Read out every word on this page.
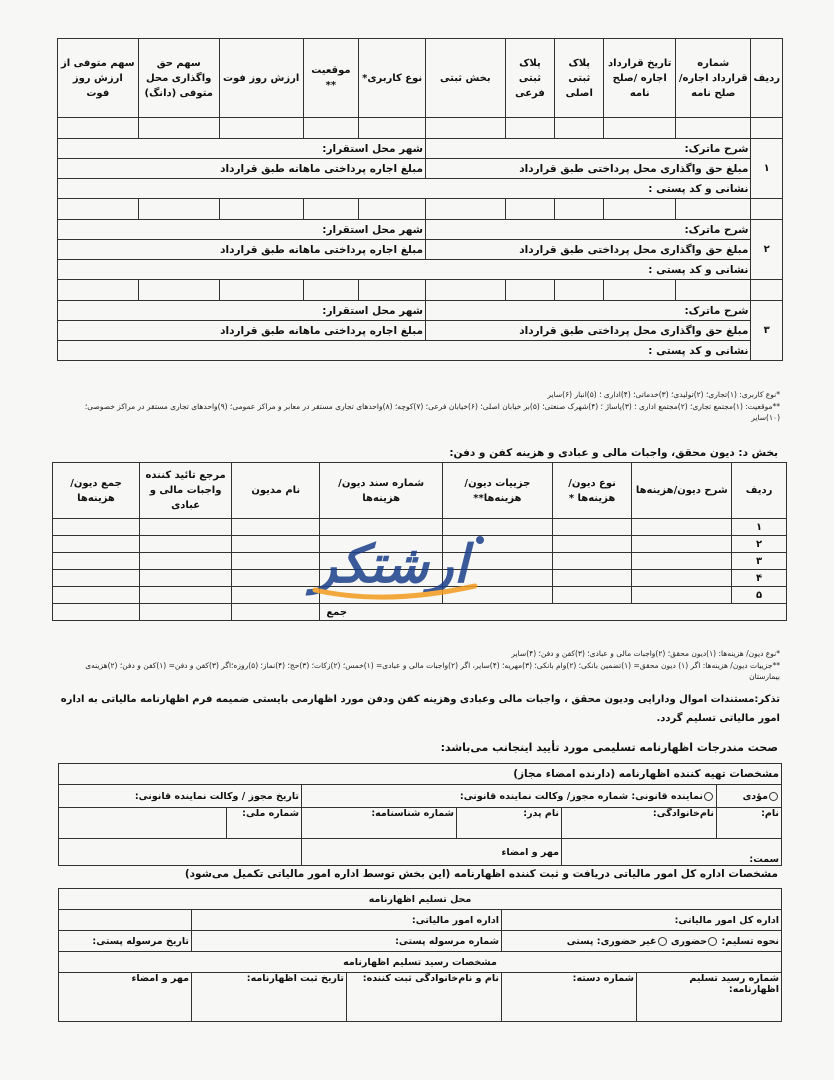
ردیف	شماره قرارداد اجاره/صلح نامه	تاریخ قرارداد اجاره /صلح نامه	پلاک ثبتی اصلی	پلاک ثبتی فرعی	بخش ثبتی	نوع کاربری*	موقعیت **	ارزش روز فوت	سهم حق واگذاری محل متوفی (دانگ)	سهم متوفی از ارزش روز فوت

۱	شرح ماترک:					شهر محل استقرار:				
	مبلغ حق واگذاری محل پرداختی طبق قرارداد					مبلغ اجاره پرداختی ماهانه طبق قرارداد				
	نشانی و کد پستی :									

۲	شرح ماترک:					شهر محل استقرار:				
	مبلغ حق واگذاری محل پرداختی طبق قرارداد					مبلغ اجاره پرداختی ماهانه طبق قرارداد				
	نشانی و کد پستی :									

۳	شرح ماترک:					شهر محل استقرار:				
	مبلغ حق واگذاری محل پرداختی طبق قرارداد					مبلغ اجاره پرداختی ماهانه طبق قرارداد				
	نشانی و کد پستی :									
*نوع کاربری: (۱)تجاری؛ (۲)تولیدی؛ (۳)خدماتی؛ (۴)اداری ؛ (۵)انبار (۶)سایر
**موقعیت: (۱)مجتمع تجاری؛ (۲)مجتمع اداری ؛ (۳)پاساژ ؛ (۴)شهرک صنعتی؛ (۵)بر خیابان اصلی؛ (۶)خیابان فرعی؛ (۷)کوچه؛ (۸)واحدهای تجاری مستقر در معابر و مراکز عمومی؛ (۹)واحدهای تجاری مستقر در مراکز خصوصی؛
(۱۰)سایر
بخش د: دیون محقق، واجبات مالی و عبادی و هزینه کفن و دفن:
ردیف	شرح دیون/هزینه‌ها	نوع دیون/ هزینه‌ها *	جزییات دیون/ هزینه‌ها**	شماره سند دیون/ هزینه‌ها	نام مدیون	مرجع تائید کننده واجبات مالی و عبادی	جمع دیون/ هزینه‌ها
۱							
۲							
۳							
۴							
۵							
جمع							
ارشتکر
*نوع دیون/ هزینه‌ها: (۱)دیون محقق؛ (۲)واجبات مالی و عبادی؛ (۳)کفن و دفن؛ (۴)سایر
**جزییات دیون/ هزینه‌ها: اگر (۱) دیون محقق= (۱)تضمین بانکی؛ (۲)وام بانکی؛ (۳)مهریه؛ (۴)سایر، اگر (۲)واجبات مالی و عبادی= (۱)خمس؛ (۲)زکات؛ (۳)حج؛ (۴)نماز؛ (۵)روزه؛اگر (۳)کفن و دفن= (۱)کفن و دفن؛ (۲)هزینه‌ی
بیمارستان
تذکر:مستندات اموال ودارایی ودیون محقق ، واجبات مالی وعبادی وهزینه کفن ودفن مورد اظهارمی بایستی ضمیمه فرم اظهارنامه مالیاتی به اداره امور مالیاتی تسلیم گردد.
صحت مندرجات اظهارنامه تسلیمی مورد تأیید اینجانب می‌باشد:
مشخصات تهیه کننده اظهارنامه (دارنده امضاء مجاز)					
مؤدی	نماینده قانونی: شماره مجوز/ وکالت نماینده قانونی:			تاریخ مجوز / وکالت نماینده قانونی:	
نام:	نام‌خانوادگی:	نام پدر:	شماره شناسنامه:	شماره ملی:	
سمت:		مهر و امضاء			
مشخصات اداره کل امور مالیاتی دریافت و ثبت کننده اظهارنامه (این بخش توسط اداره امور مالیاتی تکمیل می‌شود)
محل تسلیم اظهارنامه				
اداره کل امور مالیاتی:		اداره امور مالیاتی:		
نحوه تسلیم: حضوری غیر حضوری: پستی		شماره مرسوله پستی:		تاریخ مرسوله پستی:
مشخصات رسید تسلیم اظهارنامه				
شماره رسید تسلیم اظهارنامه:	شماره دسته:	نام و نام‌خانوادگی ثبت کننده:	تاریخ ثبت اظهارنامه:	مهر و امضاء
